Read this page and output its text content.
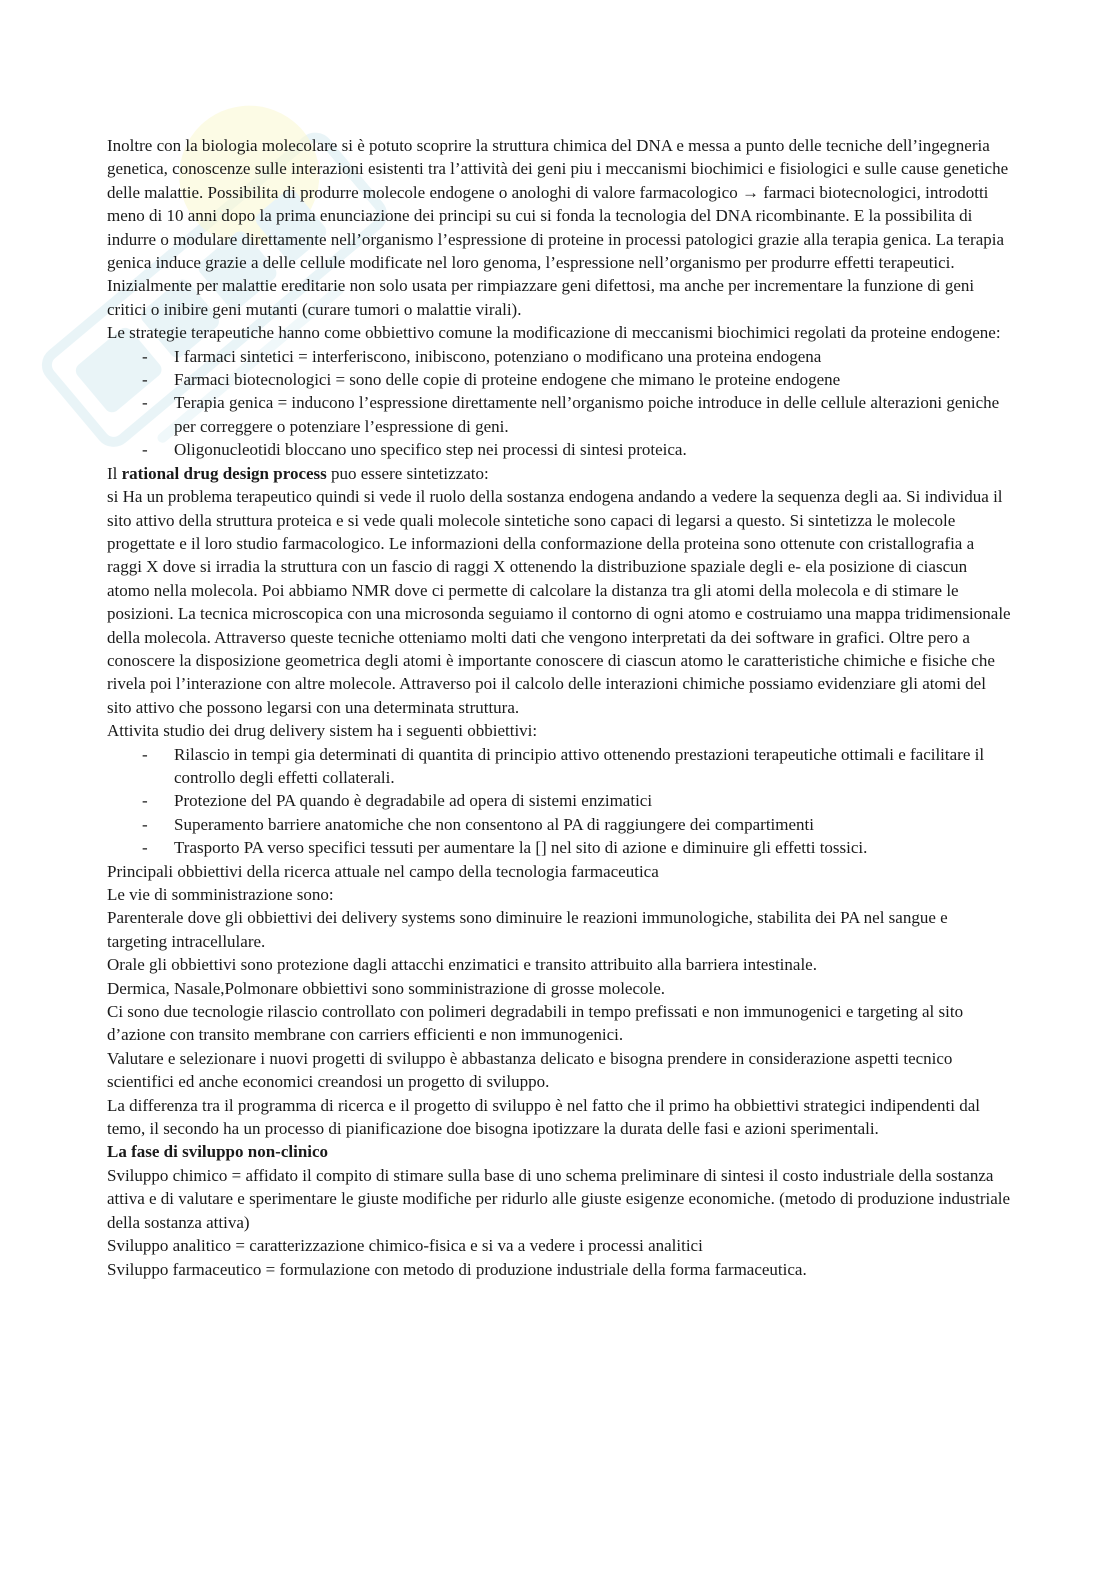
Inoltre con la biologia molecolare si è potuto scoprire la struttura chimica del DNA e messa a punto delle tecniche dell’ingegneria genetica, conoscenze sulle interazioni esistenti tra l’attività dei geni piu i meccanismi biochimici e fisiologici e sulle cause genetiche delle malattie. Possibilita di produrre molecole endogene o anologhi di valore farmacologico → farmaci biotecnologici, introdotti meno di 10 anni dopo la prima enunciazione dei principi su cui si fonda la tecnologia del DNA ricombinante. E la possibilita di indurre o modulare direttamente nell’organismo l’espressione di proteine in processi patologici grazie alla terapia genica. La terapia genica induce grazie a delle cellule modificate nel loro genoma, l’espressione nell’organismo per produrre effetti terapeutici. Inizialmente per malattie ereditarie non solo usata per rimpiazzare geni difettosi, ma anche per incrementare la funzione di geni critici o inibire geni mutanti (curare tumori o malattie virali).

Le strategie terapeutiche hanno come obbiettivo comune la modificazione di meccanismi biochimici regolati da proteine endogene:

- I farmaci sintetici = interferiscono, inibiscono, potenziano o modificano una proteina endogena
- Farmaci biotecnologici = sono delle copie di proteine endogene che mimano le proteine endogene
- Terapia genica = inducono l’espressione direttamente nell’organismo poiche introduce in delle cellule alterazioni geniche per correggere o potenziare l’espressione di geni.
- Oligonucleotidi bloccano uno specifico step nei processi di sintesi proteica.

Il rational drug design process puo essere sintetizzato:

si Ha un problema terapeutico quindi si vede il ruolo della sostanza endogena andando a vedere la sequenza degli aa. Si individua il sito attivo della struttura proteica e si vede quali molecole sintetiche sono capaci di legarsi a questo. Si sintetizza le molecole progettate e il loro studio farmacologico. Le informazioni della conformazione della proteina sono ottenute con cristallografia a raggi X dove si irradia la struttura con un fascio di raggi X ottenendo la distribuzione spaziale degli e- ela posizione di ciascun atomo nella molecola. Poi abbiamo NMR dove ci permette di calcolare la distanza tra gli atomi della molecola e di stimare le posizioni. La tecnica microscopica con una microsonda seguiamo il contorno di ogni atomo e costruiamo una mappa tridimensionale della molecola. Attraverso queste tecniche otteniamo molti dati che vengono interpretati da dei software in grafici. Oltre pero a conoscere la disposizione geometrica degli atomi è importante conoscere di ciascun atomo le caratteristiche chimiche e fisiche che rivela poi l’interazione con altre molecole. Attraverso poi il calcolo delle interazioni chimiche possiamo evidenziare gli atomi del sito attivo che possono legarsi con una determinata struttura.

Attivita studio dei drug delivery sistem ha i seguenti obbiettivi:

- Rilascio in tempi gia determinati di quantita di principio attivo ottenendo prestazioni terapeutiche ottimali e facilitare il controllo degli effetti collaterali.
- Protezione del PA quando è degradabile ad opera di sistemi enzimatici
- Superamento barriere anatomiche che non consentono al PA di raggiungere dei compartimenti
- Trasporto PA verso specifici tessuti per aumentare la [] nel sito di azione e diminuire gli effetti tossici.

Principali obbiettivi della ricerca attuale nel campo della tecnologia farmaceutica

Le vie di somministrazione sono:

Parenterale dove gli obbiettivi dei delivery systems sono diminuire le reazioni immunologiche, stabilita dei PA nel sangue e targeting intracellulare.

Orale gli obbiettivi sono protezione dagli attacchi enzimatici e transito attribuito alla barriera intestinale.

Dermica, Nasale,Polmonare obbiettivi sono somministrazione di grosse molecole.

Ci sono due tecnologie rilascio controllato con polimeri degradabili in tempo prefissati e non immunogenici e targeting al sito d’azione con transito membrane con carriers efficienti e non immunogenici.

Valutare e selezionare i nuovi progetti di sviluppo è abbastanza delicato e bisogna prendere in considerazione aspetti tecnico scientifici ed anche economici creandosi un progetto di sviluppo.

La differenza tra il programma di ricerca e il progetto di sviluppo è nel fatto che il primo ha obbiettivi strategici indipendenti dal temo, il secondo ha un processo di pianificazione doe bisogna ipotizzare la durata delle fasi e azioni sperimentali.

La fase di sviluppo non-clinico

Sviluppo chimico = affidato il compito di stimare sulla base di uno schema preliminare di sintesi il costo industriale della sostanza attiva e di valutare e sperimentare le giuste modifiche per ridurlo alle giuste esigenze economiche. (metodo di produzione industriale della sostanza attiva)

Sviluppo analitico = caratterizzazione chimico-fisica e si va a vedere i processi analitici

Sviluppo farmaceutico = formulazione con metodo di produzione industriale della forma farmaceutica.
